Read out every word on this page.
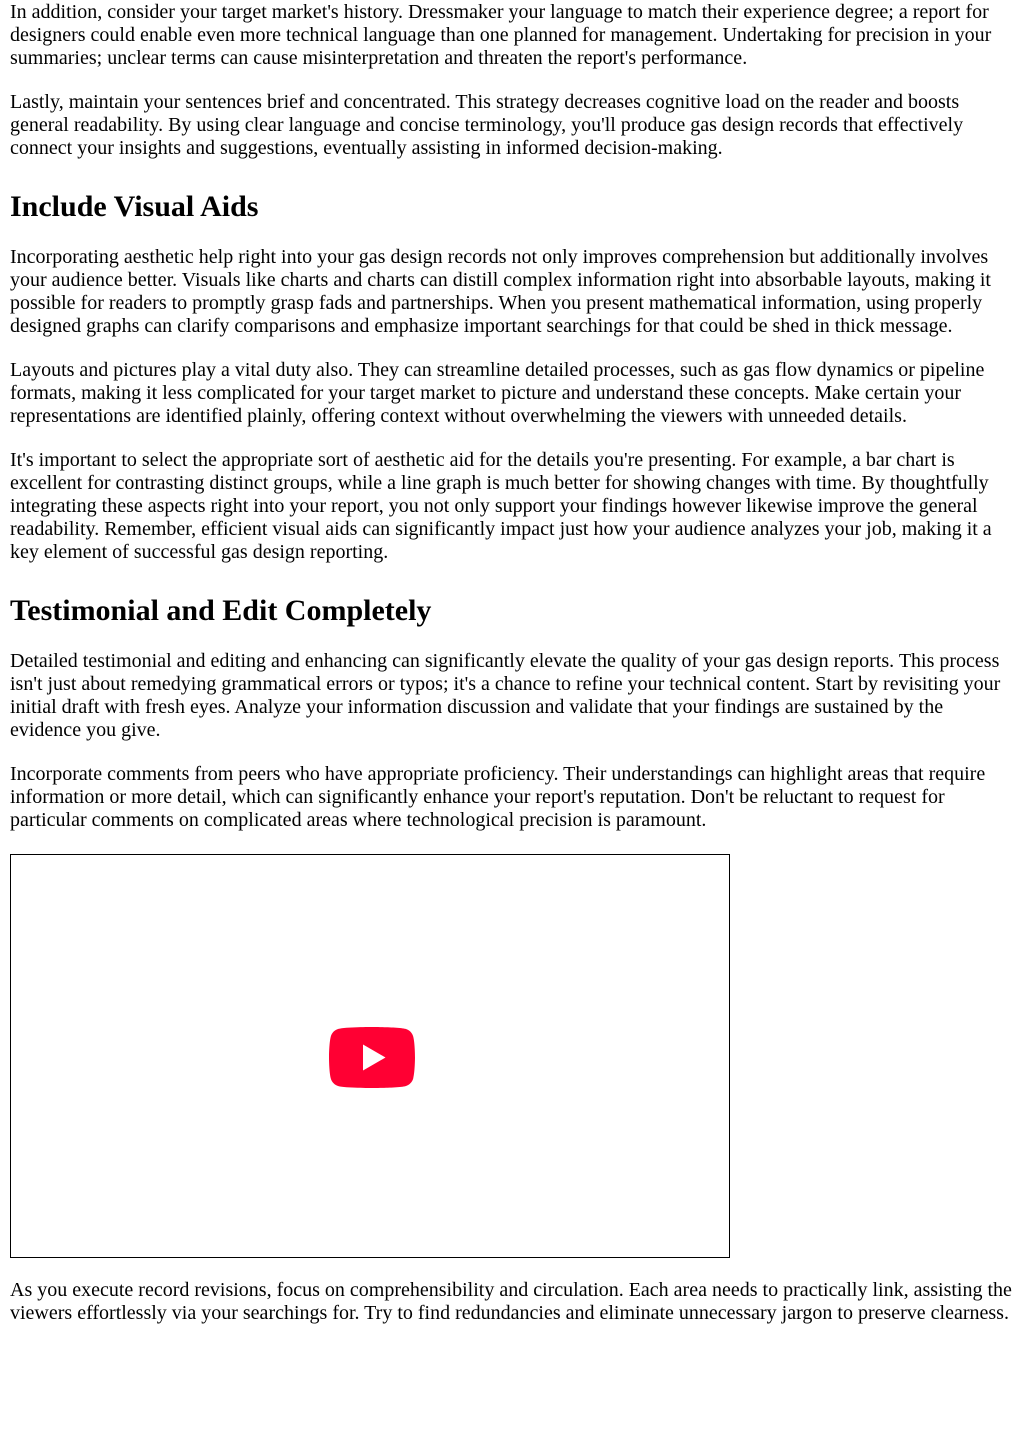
In addition, consider your target market's history. Dressmaker your language to match their experience degree; a report for designers could enable even more technical language than one planned for management. Undertaking for precision in your summaries; unclear terms can cause misinterpretation and threaten the report's performance.

Lastly, maintain your sentences brief and concentrated. This strategy decreases cognitive load on the reader and boosts general readability. By using clear language and concise terminology, you'll produce gas design records that effectively connect your insights and suggestions, eventually assisting in informed decision-making.

Include Visual Aids

Incorporating aesthetic help right into your gas design records not only improves comprehension but additionally involves your audience better. Visuals like charts and charts can distill complex information right into absorbable layouts, making it possible for readers to promptly grasp fads and partnerships. When you present mathematical information, using properly designed graphs can clarify comparisons and emphasize important searchings for that could be shed in thick message.

Layouts and pictures play a vital duty also. They can streamline detailed processes, such as gas flow dynamics or pipeline formats, making it less complicated for your target market to picture and understand these concepts. Make certain your representations are identified plainly, offering context without overwhelming the viewers with unneeded details.

It's important to select the appropriate sort of aesthetic aid for the details you're presenting. For example, a bar chart is excellent for contrasting distinct groups, while a line graph is much better for showing changes with time. By thoughtfully integrating these aspects right into your report, you not only support your findings however likewise improve the general readability. Remember, efficient visual aids can significantly impact just how your audience analyzes your job, making it a key element of successful gas design reporting.

Testimonial and Edit Completely

Detailed testimonial and editing and enhancing can significantly elevate the quality of your gas design reports. This process isn't just about remedying grammatical errors or typos; it's a chance to refine your technical content. Start by revisiting your initial draft with fresh eyes. Analyze your information discussion and validate that your findings are sustained by the evidence you give.

Incorporate comments from peers who have appropriate proficiency. Their understandings can highlight areas that require information or more detail, which can significantly enhance your report's reputation. Don't be reluctant to request for particular comments on complicated areas where technological precision is paramount.

As you execute record revisions, focus on comprehensibility and circulation. Each area needs to practically link, assisting the viewers effortlessly via your searchings for. Try to find redundancies and eliminate unnecessary jargon to preserve clearness.
